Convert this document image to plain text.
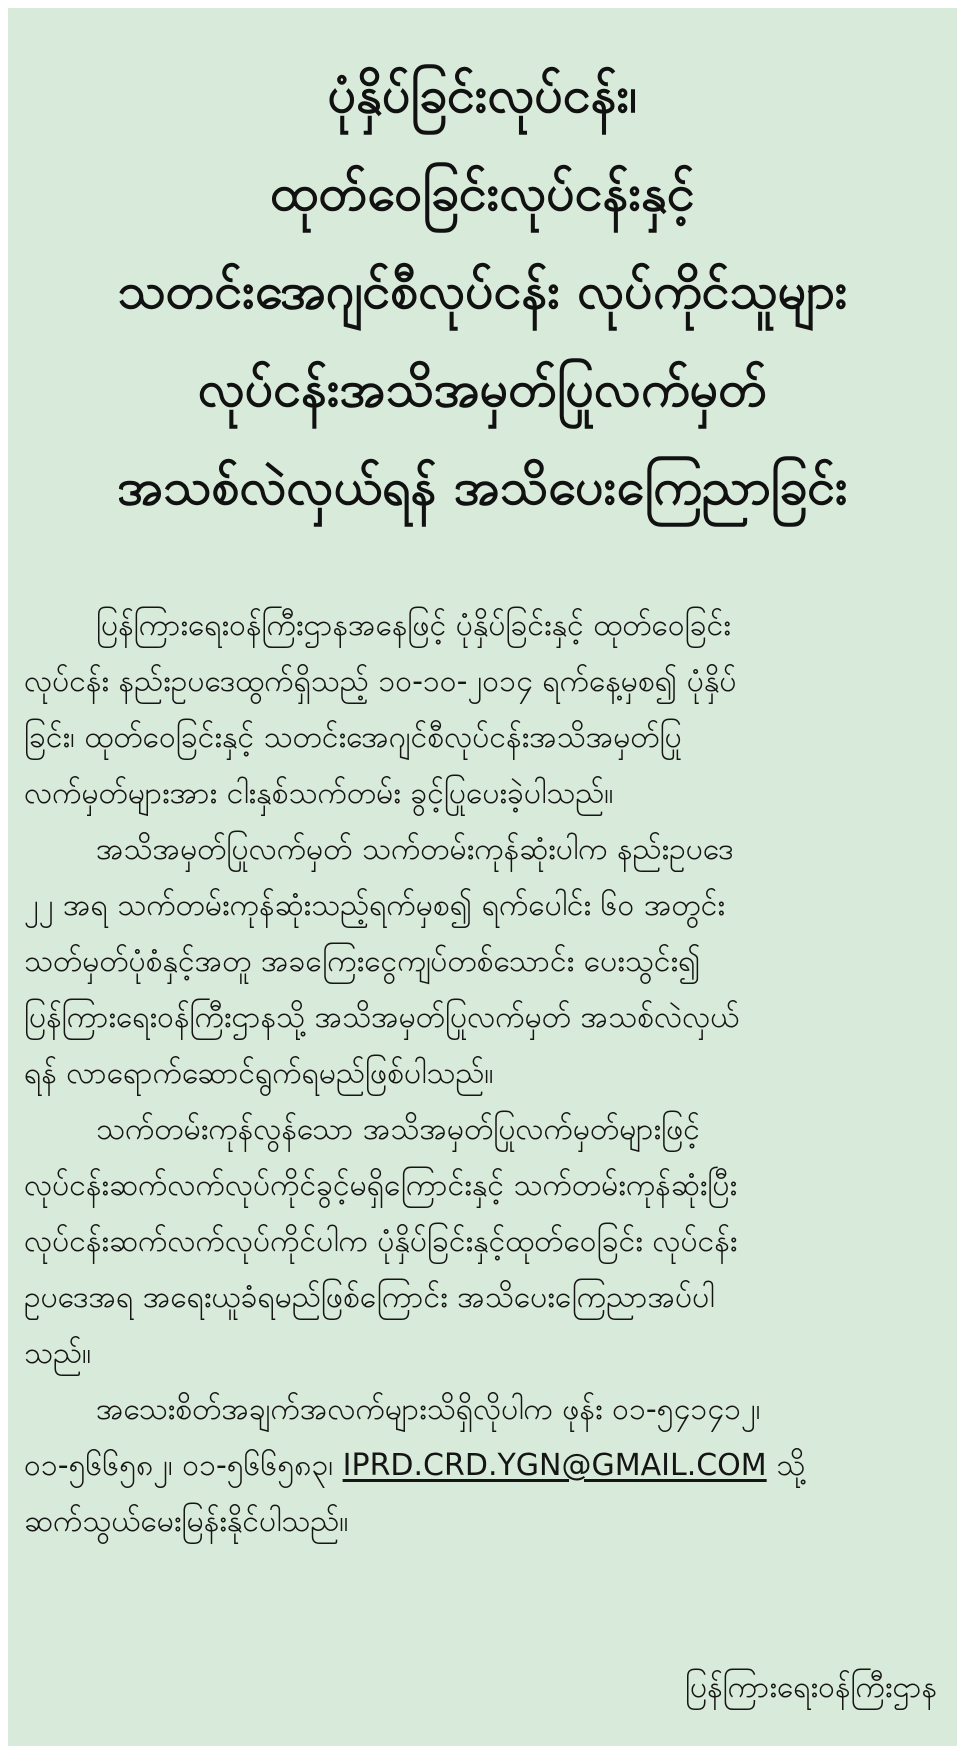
ပုံနှိပ်ခြင်းလုပ်ငန်း၊
ထုတ်ဝေခြင်းလုပ်ငန်းနှင့်
သတင်းအေဂျင်စီလုပ်ငန်း လုပ်ကိုင်သူများ
လုပ်ငန်းအသိအမှတ်ပြုလက်မှတ်
အသစ်လဲလှယ်ရန် အသိပေးကြေညာခြင်း
ပြန်ကြားရေးဝန်ကြီးဌာနအနေဖြင့် ပုံနှိပ်ခြင်းနှင့် ထုတ်ဝေခြင်း
လုပ်ငန်း နည်းဥပဒေထွက်ရှိသည့် ၁၀-၁၀-၂၀၁၄ ရက်နေ့မှစ၍ ပုံနှိပ်
ခြင်း၊ ထုတ်ဝေခြင်းနှင့် သတင်းအေဂျင်စီလုပ်ငန်းအသိအမှတ်ပြု
လက်မှတ်များအား ငါးနှစ်သက်တမ်း ခွင့်ပြုပေးခဲ့ပါသည်။
အသိအမှတ်ပြုလက်မှတ် သက်တမ်းကုန်ဆုံးပါက နည်းဥပဒေ
၂၂ အရ သက်တမ်းကုန်ဆုံးသည့်ရက်မှစ၍ ရက်ပေါင်း ၆၀ အတွင်း
သတ်မှတ်ပုံစံနှင့်အတူ အခကြေးငွေကျပ်တစ်သောင်း ပေးသွင်း၍
ပြန်ကြားရေးဝန်ကြီးဌာနသို့ အသိအမှတ်ပြုလက်မှတ် အသစ်လဲလှယ်
ရန် လာရောက်ဆောင်ရွက်ရမည်ဖြစ်ပါသည်။
သက်တမ်းကုန်လွန်သော အသိအမှတ်ပြုလက်မှတ်များဖြင့်
လုပ်ငန်းဆက်လက်လုပ်ကိုင်ခွင့်မရှိကြောင်းနှင့် သက်တမ်းကုန်ဆုံးပြီး
လုပ်ငန်းဆက်လက်လုပ်ကိုင်ပါက ပုံနှိပ်ခြင်းနှင့်ထုတ်ဝေခြင်း လုပ်ငန်း
ဥပဒေအရ အရေးယူခံရမည်ဖြစ်ကြောင်း အသိပေးကြေညာအပ်ပါ
သည်။
အသေးစိတ်အချက်အလက်များသိရှိလိုပါက ဖုန်း ၀၁-၅၄၁၄၁၂၊
၀၁-၅၆၆၅၈၂၊ ၀၁-၅၆၆၅၈၃၊ IPRD.CRD.YGN@GMAIL.COM သို့
ဆက်သွယ်မေးမြန်းနိုင်ပါသည်။
ပြန်ကြားရေးဝန်ကြီးဌာန
